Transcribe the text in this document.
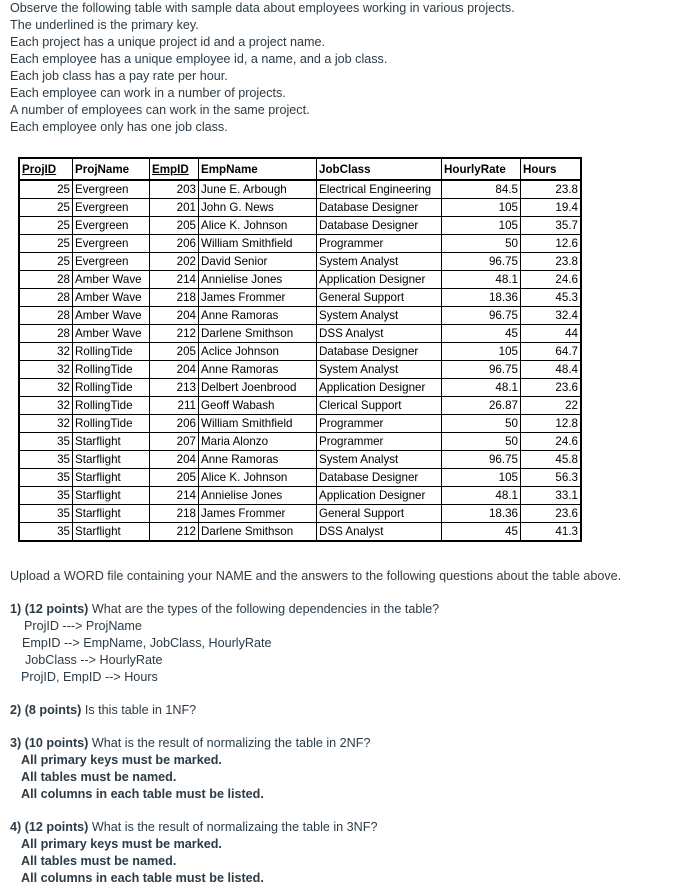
Observe the following table with sample data about employees working in various projects.
The underlined is the primary key.
Each project has a unique project id and a project name.
Each employee has a unique employee id, a name, and a job class.
Each job class has a pay rate per hour.
Each employee can work in a number of projects.
A number of employees can work in the same project.
Each employee only has one job class.
ProjID	ProjName	EmpID	EmpName	JobClass	HourlyRate	Hours
25	Evergreen	203	June E. Arbough	Electrical Engineering	84.5	23.8
25	Evergreen	201	John G. News	Database Designer	105	19.4
25	Evergreen	205	Alice K. Johnson	Database Designer	105	35.7
25	Evergreen	206	William Smithfield	Programmer	50	12.6
25	Evergreen	202	David Senior	System Analyst	96.75	23.8
28	Amber Wave	214	Annielise Jones	Application Designer	48.1	24.6
28	Amber Wave	218	James Frommer	General Support	18.36	45.3
28	Amber Wave	204	Anne Ramoras	System Analyst	96.75	32.4
28	Amber Wave	212	Darlene Smithson	DSS Analyst	45	44
32	RollingTide	205	Aclice Johnson	Database Designer	105	64.7
32	RollingTide	204	Anne Ramoras	System Analyst	96.75	48.4
32	RollingTide	213	Delbert Joenbrood	Application Designer	48.1	23.6
32	RollingTide	211	Geoff Wabash	Clerical Support	26.87	22
32	RollingTide	206	William Smithfield	Programmer	50	12.8
35	Starflight	207	Maria Alonzo	Programmer	50	24.6
35	Starflight	204	Anne Ramoras	System Analyst	96.75	45.8
35	Starflight	205	Alice K. Johnson	Database Designer	105	56.3
35	Starflight	214	Annielise Jones	Application Designer	48.1	33.1
35	Starflight	218	James Frommer	General Support	18.36	23.6
35	Starflight	212	Darlene Smithson	DSS Analyst	45	41.3
Upload a WORD file containing your NAME and the answers to the following questions about the table above.
1) (12 points) What are the types of the following dependencies in the table?
ProjID ---> ProjName
EmpID --> EmpName, JobClass, HourlyRate
JobClass --> HourlyRate
ProjID, EmpID --> Hours
2) (8 points) Is this table in 1NF?
3) (10 points) What is the result of normalizing the table in 2NF?
All primary keys must be marked.
All tables must be named.
All columns in each table must be listed.
4) (12 points) What is the result of normalizaing the table in 3NF?
All primary keys must be marked.
All tables must be named.
All columns in each table must be listed.
